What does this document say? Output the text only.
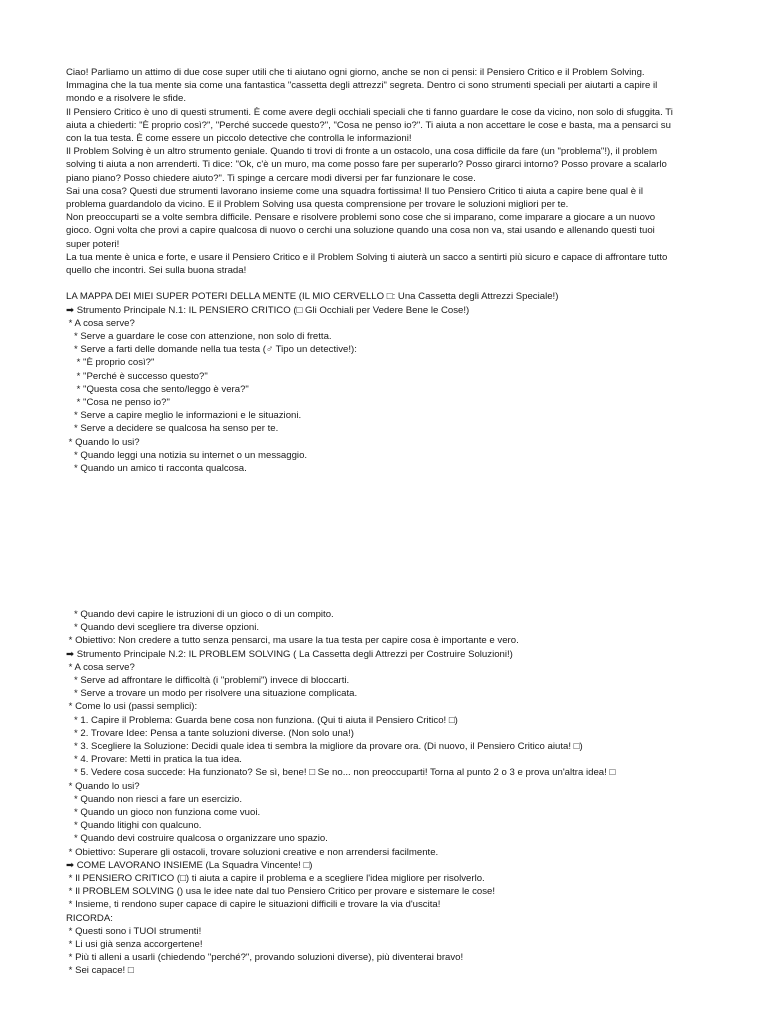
Ciao! Parliamo un attimo di due cose super utili che ti aiutano ogni giorno, anche se non ci pensi: il Pensiero Critico e il Problem Solving.
Immagina che la tua mente sia come una fantastica "cassetta degli attrezzi" segreta. Dentro ci sono strumenti speciali per aiutarti a capire il
mondo e a risolvere le sfide.
Il Pensiero Critico è uno di questi strumenti. È come avere degli occhiali speciali che ti fanno guardare le cose da vicino, non solo di sfuggita. Ti
aiuta a chiederti: "È proprio così?", "Perché succede questo?", "Cosa ne penso io?". Ti aiuta a non accettare le cose e basta, ma a pensarci su
con la tua testa. È come essere un piccolo detective che controlla le informazioni!
Il Problem Solving è un altro strumento geniale. Quando ti trovi di fronte a un ostacolo, una cosa difficile da fare (un "problema"!), il problem
solving ti aiuta a non arrenderti. Ti dice: "Ok, c'è un muro, ma come posso fare per superarlo? Posso girarci intorno? Posso provare a scalarlo
piano piano? Posso chiedere aiuto?". Ti spinge a cercare modi diversi per far funzionare le cose.
Sai una cosa? Questi due strumenti lavorano insieme come una squadra fortissima! Il tuo Pensiero Critico ti aiuta a capire bene qual è il
problema guardandolo da vicino. E il Problem Solving usa questa comprensione per trovare le soluzioni migliori per te.
Non preoccuparti se a volte sembra difficile. Pensare e risolvere problemi sono cose che si imparano, come imparare a giocare a un nuovo
gioco. Ogni volta che provi a capire qualcosa di nuovo o cerchi una soluzione quando una cosa non va, stai usando e allenando questi tuoi
super poteri!
La tua mente è unica e forte, e usare il Pensiero Critico e il Problem Solving ti aiuterà un sacco a sentirti più sicuro e capace di affrontare tutto
quello che incontri. Sei sulla buona strada!
LA MAPPA DEI MIEI SUPER POTERI DELLA MENTE (IL MIO CERVELLO □: Una Cassetta degli Attrezzi Speciale!)
➡ Strumento Principale N.1: IL PENSIERO CRITICO (□ Gli Occhiali per Vedere Bene le Cose!)
* A cosa serve?
* Serve a guardare le cose con attenzione, non solo di fretta.
* Serve a farti delle domande nella tua testa (♂ Tipo un detective!):
* "È proprio così?"
* "Perché è successo questo?"
* "Questa cosa che sento/leggo è vera?"
* "Cosa ne penso io?"
* Serve a capire meglio le informazioni e le situazioni.
* Serve a decidere se qualcosa ha senso per te.
* Quando lo usi?
* Quando leggi una notizia su internet o un messaggio.
* Quando un amico ti racconta qualcosa.
* Quando devi capire le istruzioni di un gioco o di un compito.
* Quando devi scegliere tra diverse opzioni.
* Obiettivo: Non credere a tutto senza pensarci, ma usare la tua testa per capire cosa è importante e vero.
➡ Strumento Principale N.2: IL PROBLEM SOLVING ( La Cassetta degli Attrezzi per Costruire Soluzioni!)
* A cosa serve?
* Serve ad affrontare le difficoltà (i "problemi") invece di bloccarti.
* Serve a trovare un modo per risolvere una situazione complicata.
* Come lo usi (passi semplici):
* 1. Capire il Problema: Guarda bene cosa non funziona. (Qui ti aiuta il Pensiero Critico! □)
* 2. Trovare Idee: Pensa a tante soluzioni diverse. (Non solo una!)
* 3. Scegliere la Soluzione: Decidi quale idea ti sembra la migliore da provare ora. (Di nuovo, il Pensiero Critico aiuta! □)
* 4. Provare: Metti in pratica la tua idea.
* 5. Vedere cosa succede: Ha funzionato? Se sì, bene! □ Se no... non preoccuparti! Torna al punto 2 o 3 e prova un'altra idea! □
* Quando lo usi?
* Quando non riesci a fare un esercizio.
* Quando un gioco non funziona come vuoi.
* Quando litighi con qualcuno.
* Quando devi costruire qualcosa o organizzare uno spazio.
* Obiettivo: Superare gli ostacoli, trovare soluzioni creative e non arrendersi facilmente.
➡ COME LAVORANO INSIEME (La Squadra Vincente! □)
* Il PENSIERO CRITICO (□) ti aiuta a capire il problema e a scegliere l'idea migliore per risolverlo.
* Il PROBLEM SOLVING () usa le idee nate dal tuo Pensiero Critico per provare e sistemare le cose!
* Insieme, ti rendono super capace di capire le situazioni difficili e trovare la via d'uscita!
RICORDA:
* Questi sono i TUOI strumenti!
* Li usi già senza accorgertene!
* Più ti alleni a usarli (chiedendo "perché?", provando soluzioni diverse), più diventerai bravo!
* Sei capace! □
